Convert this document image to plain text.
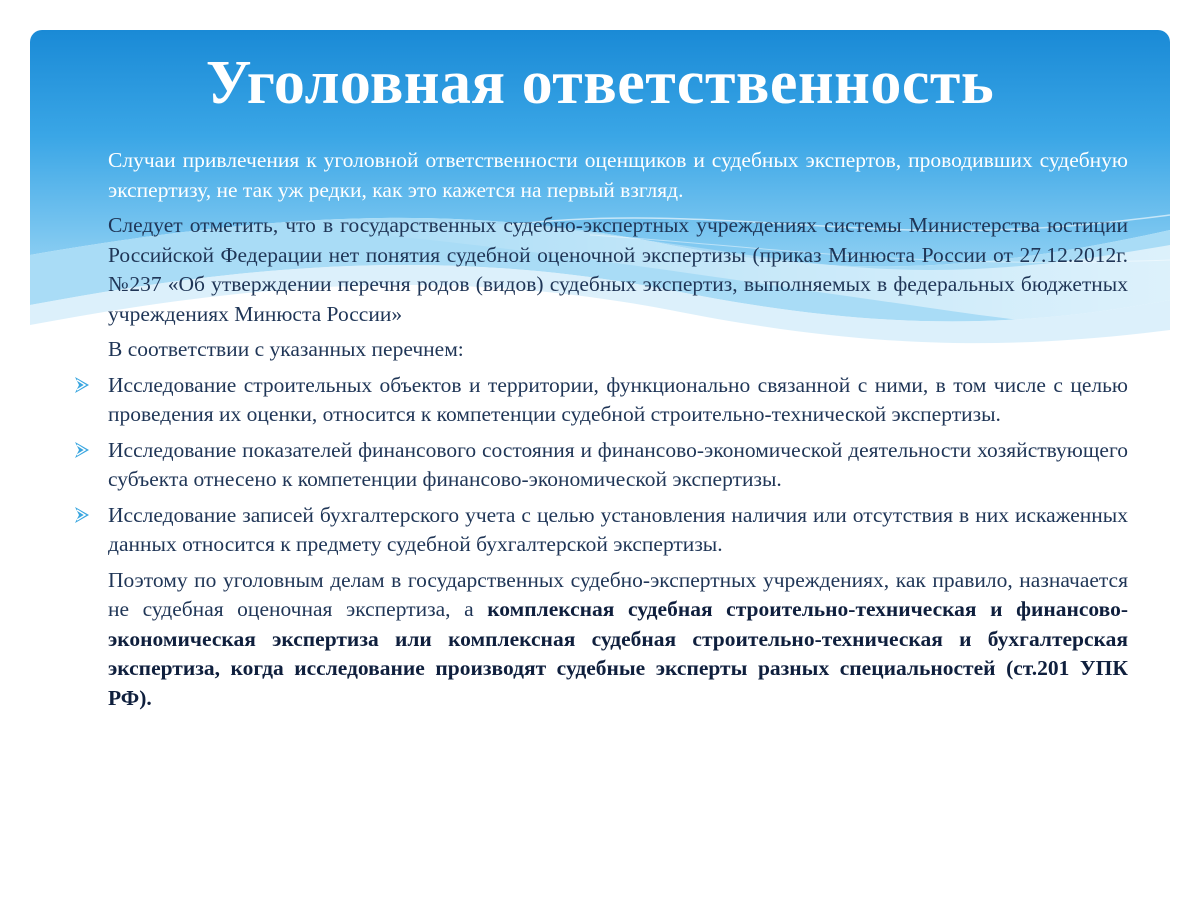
Уголовная ответственность

Случаи привлечения к уголовной ответственности оценщиков и судебных экспертов, проводивших судебную экспертизу, не так уж редки, как это кажется на первый взгляд.

Следует отметить, что в государственных судебно-экспертных учреждениях системы Министерства юстиции Российской Федерации нет понятия судебной оценочной экспертизы (приказ Минюста России от 27.12.2012г. №237 «Об утверждении перечня родов (видов) судебных экспертиз, выполняемых в федеральных бюджетных учреждениях Минюста России»

В соответствии с указанных перечнем:

Исследование строительных объектов и территории, функционально связанной с ними, в том числе с целью проведения их оценки, относится к компетенции судебной строительно-технической экспертизы.
Исследование показателей финансового состояния и финансово-экономической деятельности хозяйствующего субъекта отнесено к компетенции финансово-экономической экспертизы.
Исследование записей бухгалтерского учета с целью установления наличия или отсутствия в них искаженных данных относится к предмету судебной бухгалтерской экспертизы.

Поэтому по уголовным делам в государственных судебно-экспертных учреждениях, как правило, назначается не судебная оценочная экспертиза, а комплексная судебная строительно-техническая и финансово-экономическая экспертиза или комплексная судебная строительно-техническая и бухгалтерская экспертиза, когда исследование производят судебные эксперты разных специальностей (ст.201 УПК РФ).
